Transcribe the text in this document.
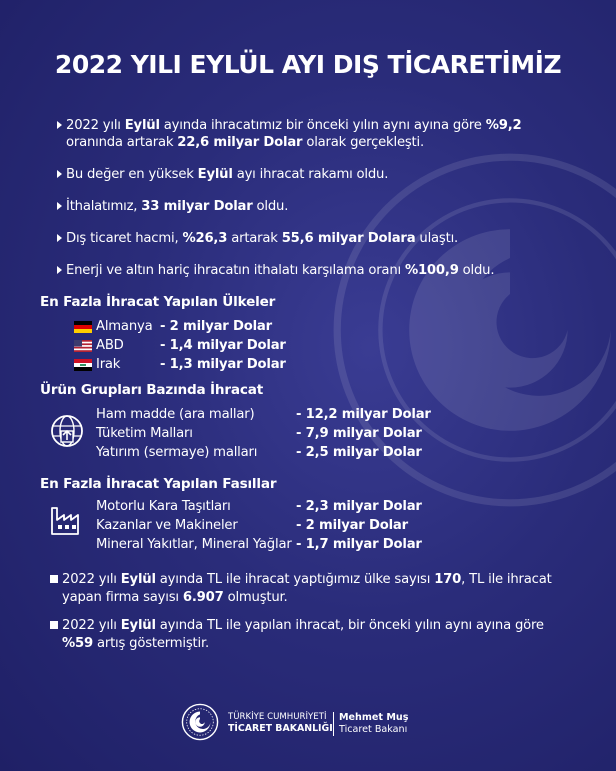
2022 YILI EYLÜL AYI DIŞ TİCARETİMİZ
2022 yılı Eylül ayında ihracatımız bir önceki yılın aynı ayına göre %9,2 oranında artarak 22,6 milyar Dolar olarak gerçekleşti.
Bu değer en yüksek Eylül ayı ihracat rakamı oldu.
İthalatımız, 33 milyar Dolar oldu.
Dış ticaret hacmi, %26,3 artarak 55,6 milyar Dolara ulaştı.
Enerji ve altın hariç ihracatın ithalatı karşılama oranı %100,9 oldu.
En Fazla İhracat Yapılan Ülkeler
Almanya - 2 milyar Dolar
ABD	- 1,4 milyar Dolar
Irak	- 1,3 milyar Dolar
Ürün Grupları Bazında İhracat
Ham madde (ara mallar)	- 12,2 milyar Dolar
Tüketim Malları	- 7,9 milyar Dolar
Yatırım (sermaye) malları	- 2,5 milyar Dolar
En Fazla İhracat Yapılan Fasıllar
Motorlu Kara Taşıtları	- 2,3 milyar Dolar
Kazanlar ve Makineler	- 2 milyar Dolar
Mineral Yakıtlar, Mineral Yağlar - 1,7 milyar Dolar
2022 yılı Eylül ayında TL ile ihracat yaptığımız ülke sayısı 170, TL ile ihracat yapan firma sayısı 6.907 olmuştur.
2022 yılı Eylül ayında TL ile yapılan ihracat, bir önceki yılın aynı ayına göre %59 artış göstermiştir.
TÜRKİYE CUMHURİYETİ
TİCARET BAKANLIĞI
Mehmet Muş
Ticaret Bakanı
